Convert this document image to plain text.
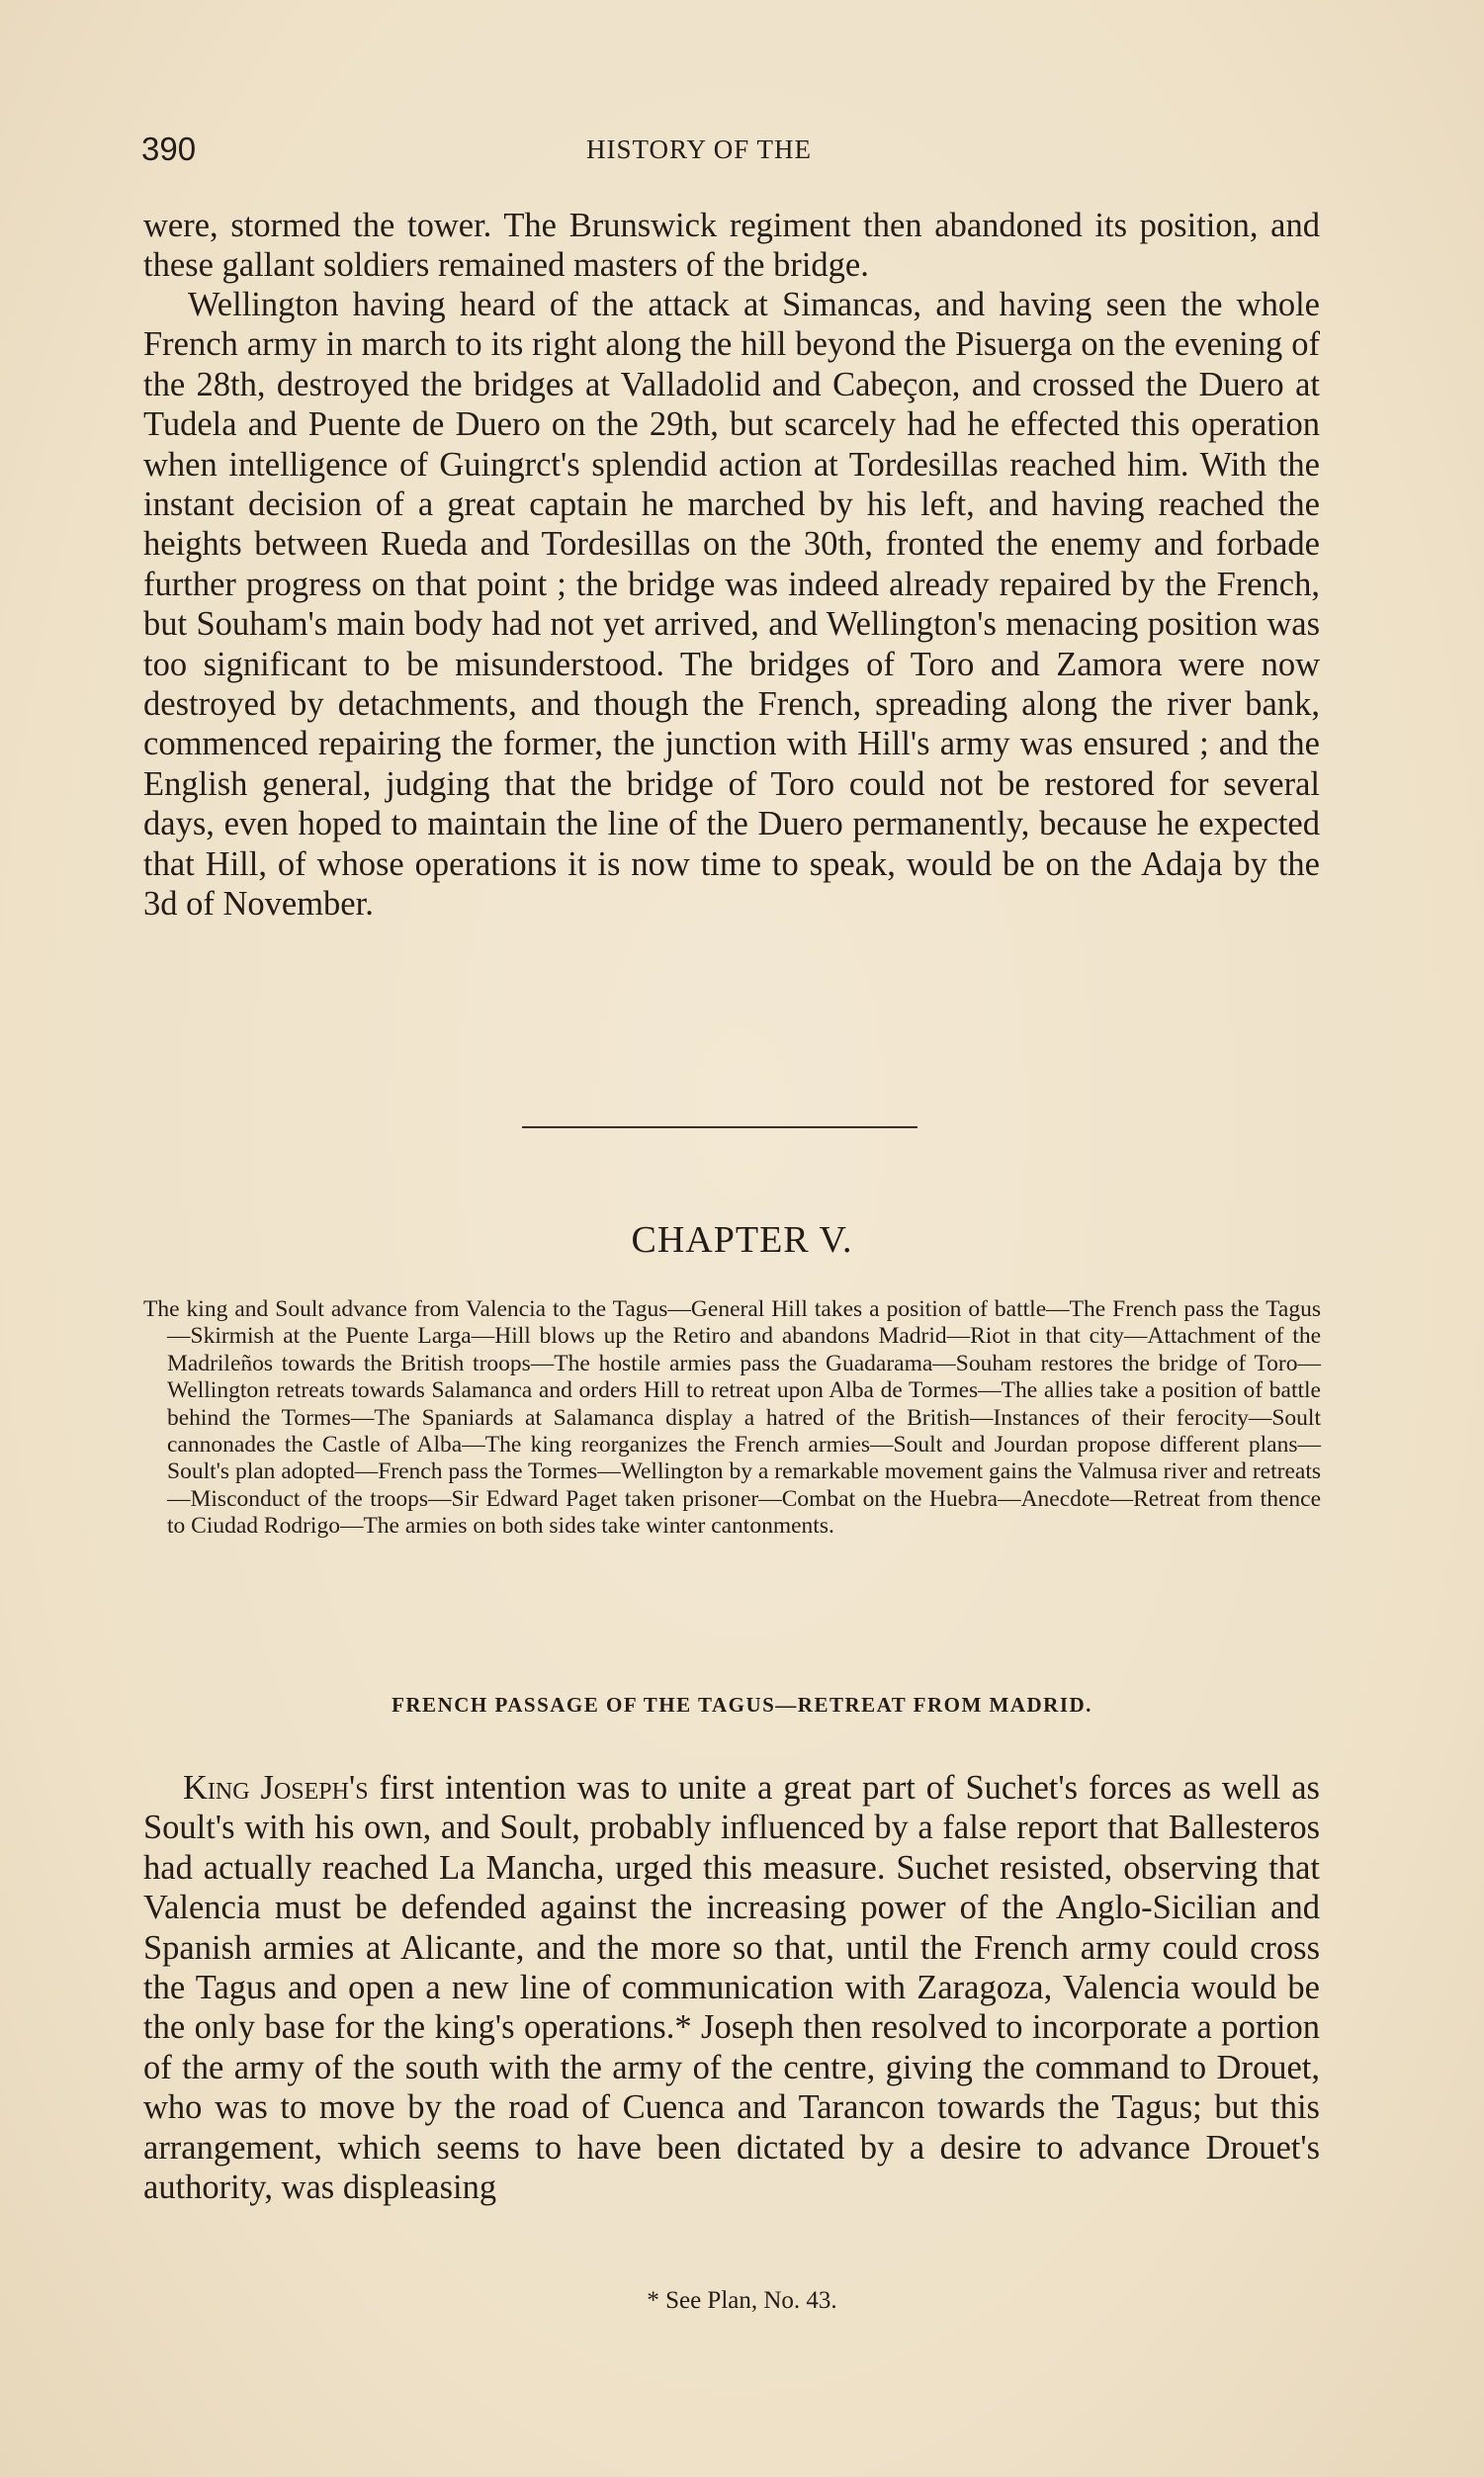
390	HISTORY OF THE

were, stormed the tower. The Brunswick regiment then abandoned its position, and these gallant soldiers remained masters of the bridge.

Wellington having heard of the attack at Simancas, and having seen the whole French army in march to its right along the hill beyond the Pisuerga on the evening of the 28th, destroyed the bridges at Valladolid and Cabeçon, and crossed the Duero at Tudela and Puente de Duero on the 29th, but scarcely had he effected this operation when intelligence of Guingrct's splendid action at Tordesillas reached him. With the instant decision of a great captain he marched by his left, and having reached the heights between Rueda and Tordesillas on the 30th, fronted the enemy and forbade further progress on that point ; the bridge was indeed already repaired by the French, but Souham's main body had not yet arrived, and Wellington's menacing position was too significant to be misunderstood. The bridges of Toro and Zamora were now destroyed by detachments, and though the French, spreading along the river bank, commenced repairing the former, the junction with Hill's army was ensured ; and the English general, judging that the bridge of Toro could not be restored for several days, even hoped to maintain the line of the Duero permanently, because he expected that Hill, of whose operations it is now time to speak, would be on the Adaja by the 3d of November.

CHAPTER V.

The king and Soult advance from Valencia to the Tagus—General Hill takes a position of battle—The French pass the Tagus—Skirmish at the Puente Larga—Hill blows up the Retiro and abandons Madrid—Riot in that city—Attachment of the Madrileños towards the British troops—The hostile armies pass the Guadarama—Souham restores the bridge of Toro—Wellington retreats towards Salamanca and orders Hill to retreat upon Alba de Tormes—The allies take a position of battle behind the Tormes—The Spaniards at Salamanca display a hatred of the British—Instances of their ferocity—Soult cannonades the Castle of Alba—The king reorganizes the French armies—Soult and Jourdan propose different plans—Soult's plan adopted—French pass the Tormes—Wellington by a remarkable movement gains the Valmusa river and retreats—Misconduct of the troops—Sir Edward Paget taken prisoner—Combat on the Huebra—Anecdote—Retreat from thence to Ciudad Rodrigo—The armies on both sides take winter cantonments.

FRENCH PASSAGE OF THE TAGUS—RETREAT FROM MADRID.

King Joseph's first intention was to unite a great part of Suchet's forces as well as Soult's with his own, and Soult, probably influenced by a false report that Ballesteros had actually reached La Mancha, urged this measure. Suchet resisted, observing that Valencia must be defended against the increasing power of the Anglo-Sicilian and Spanish armies at Alicante, and the more so that, until the French army could cross the Tagus and open a new line of communication with Zaragoza, Valencia would be the only base for the king's operations.* Joseph then resolved to incorporate a portion of the army of the south with the army of the centre, giving the command to Drouet, who was to move by the road of Cuenca and Tarancon towards the Tagus; but this arrangement, which seems to have been dictated by a desire to advance Drouet's authority, was displeasing

* See Plan, No. 43.
